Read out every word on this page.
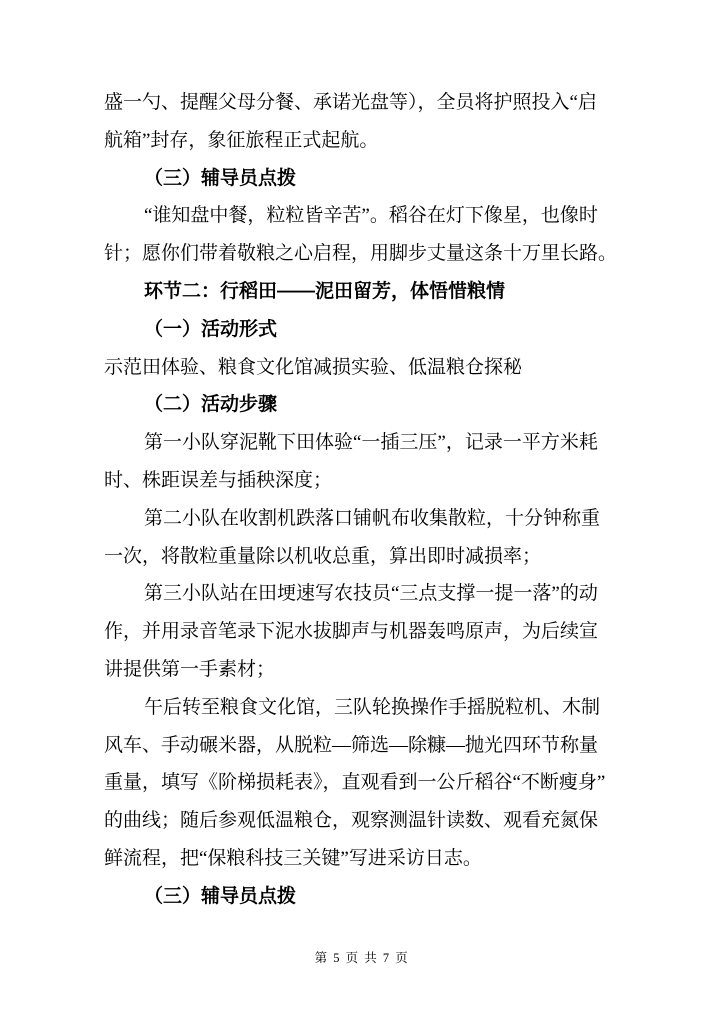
盛一勺、提醒父母分餐、承诺光盘等），全员将护照投入“启
航箱”封存，象征旅程正式起航。
（三）辅导员点拨
“谁知盘中餐，粒粒皆辛苦”。稻谷在灯下像星，也像时
针；愿你们带着敬粮之心启程，用脚步丈量这条十万里长路。
环节二：行稻田——泥田留芳，体悟惜粮情
（一）活动形式
示范田体验、粮食文化馆减损实验、低温粮仓探秘
（二）活动步骤
第一小队穿泥靴下田体验“一插三压”，记录一平方米耗
时、株距误差与插秧深度；
第二小队在收割机跌落口铺帆布收集散粒，十分钟称重
一次，将散粒重量除以机收总重，算出即时减损率；
第三小队站在田埂速写农技员“三点支撑一提一落”的动
作，并用录音笔录下泥水拔脚声与机器轰鸣原声，为后续宣
讲提供第一手素材；
午后转至粮食文化馆，三队轮换操作手摇脱粒机、木制
风车、手动碾米器，从脱粒—筛选—除糠—抛光四环节称量
重量，填写《阶梯损耗表》，直观看到一公斤稻谷“不断瘦身”
的曲线；随后参观低温粮仓，观察测温针读数、观看充氮保
鲜流程，把“保粮科技三关键”写进采访日志。
（三）辅导员点拨
第 5 页 共 7 页
